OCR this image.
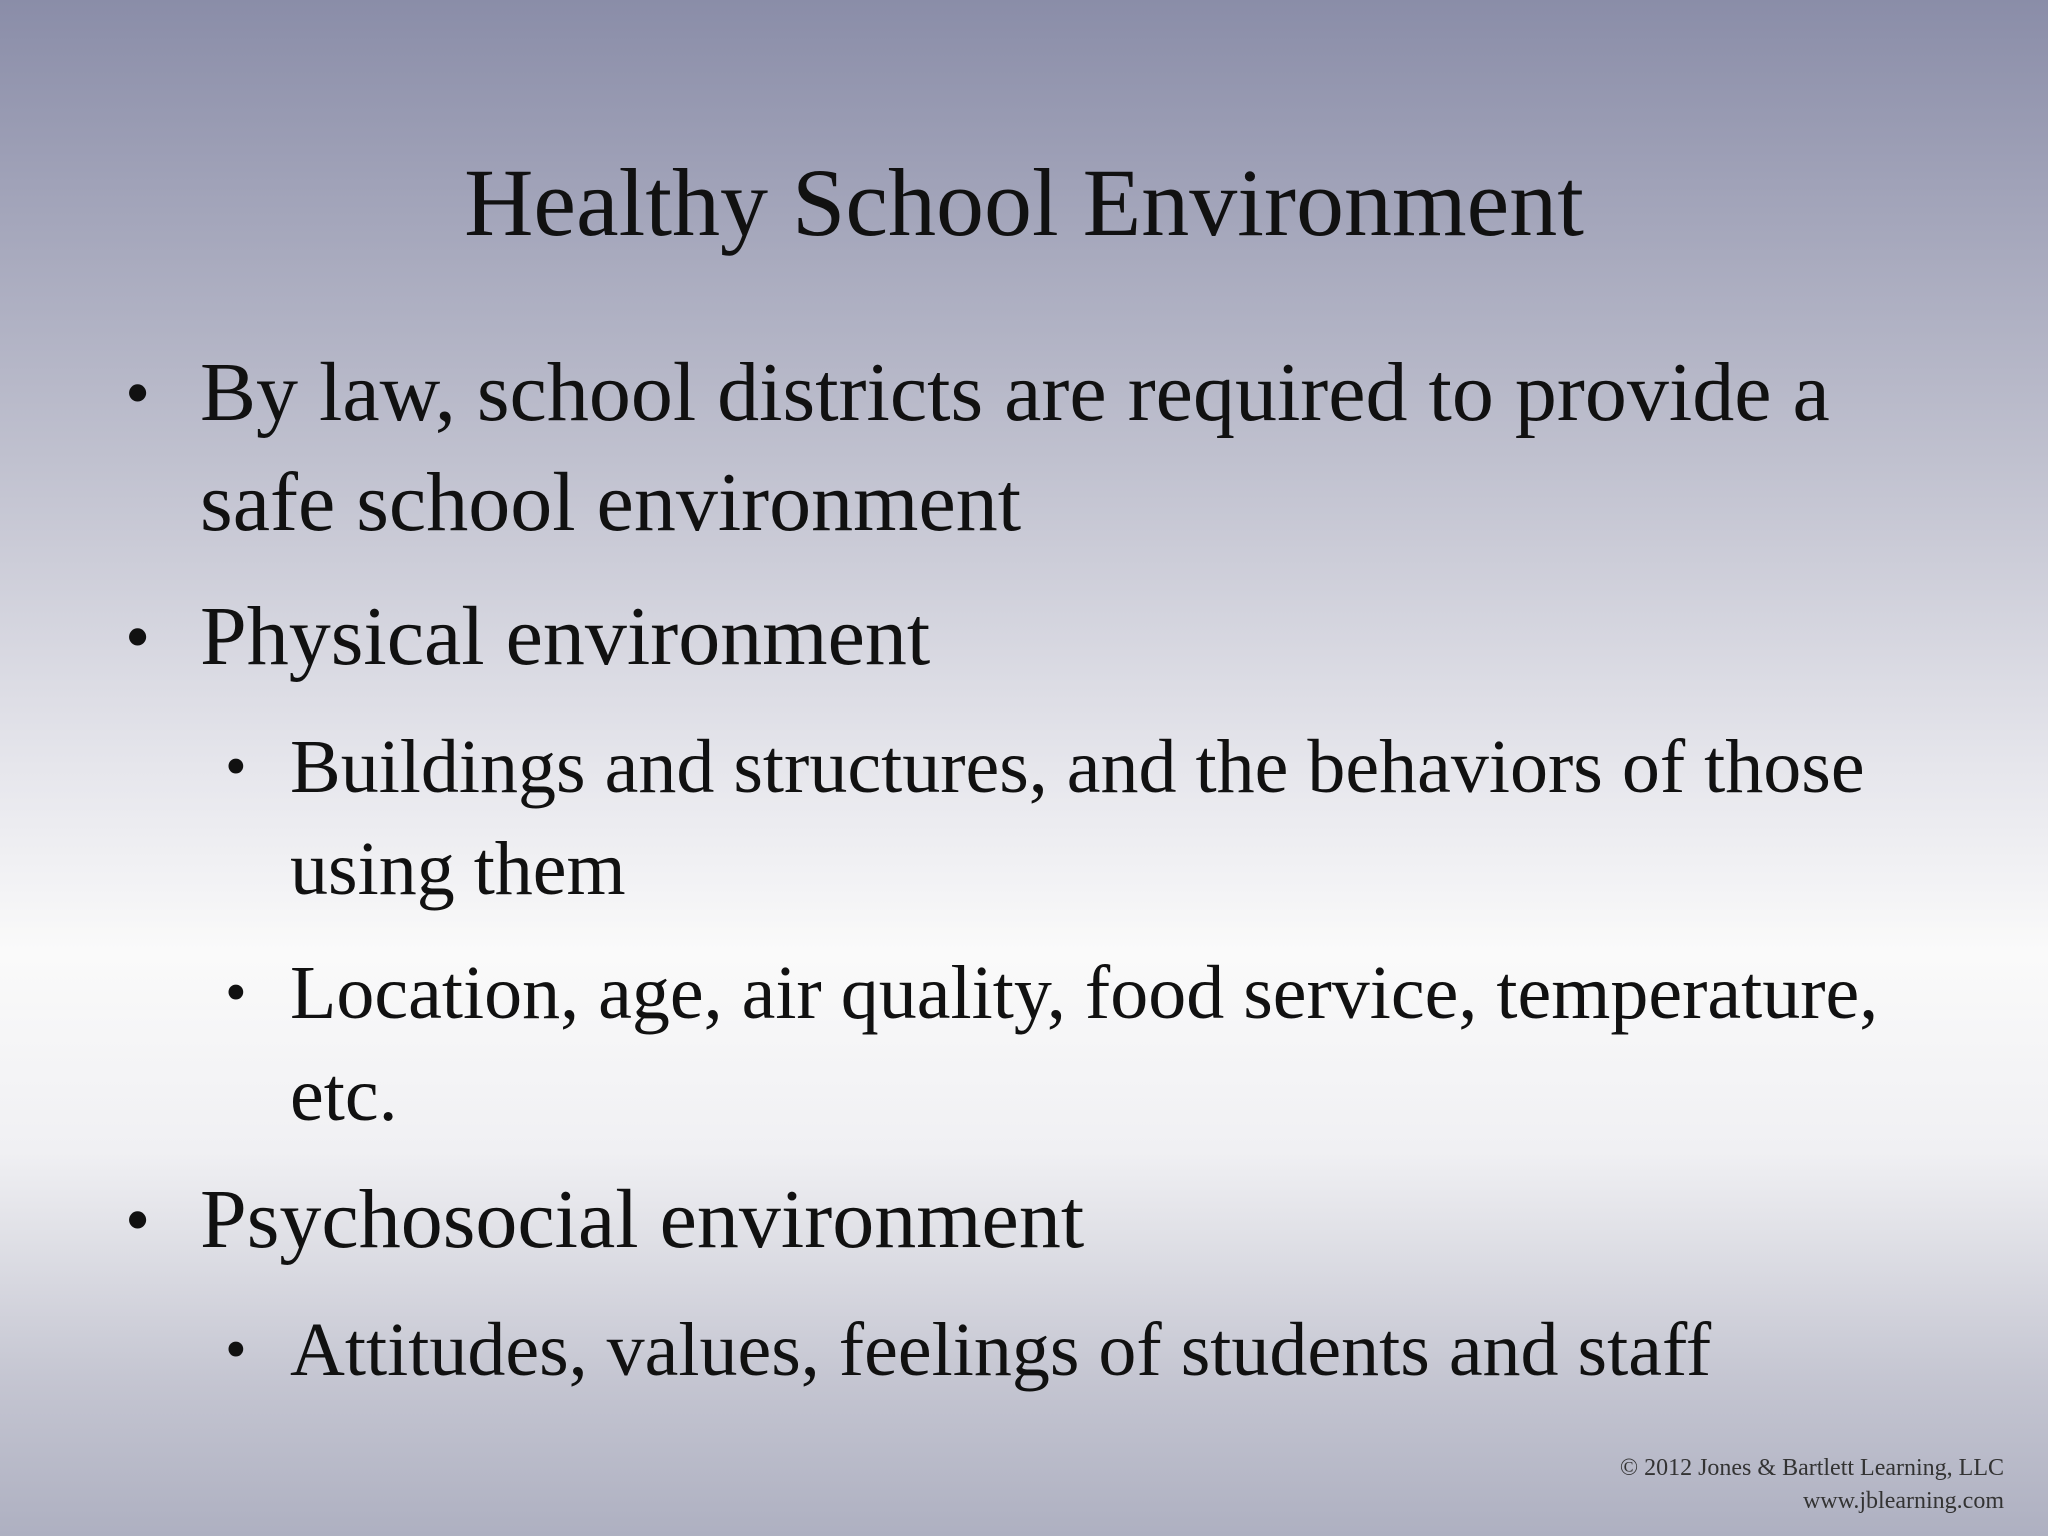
Healthy School Environment
• By law, school districts are required to provide a safe school environment
• Physical environment
• Buildings and structures, and the behaviors of those using them
• Location, age, air quality, food service, temperature, etc.
• Psychosocial environment
• Attitudes, values, feelings of students and staff
© 2012 Jones & Bartlett Learning, LLC
www.jblearning.com
